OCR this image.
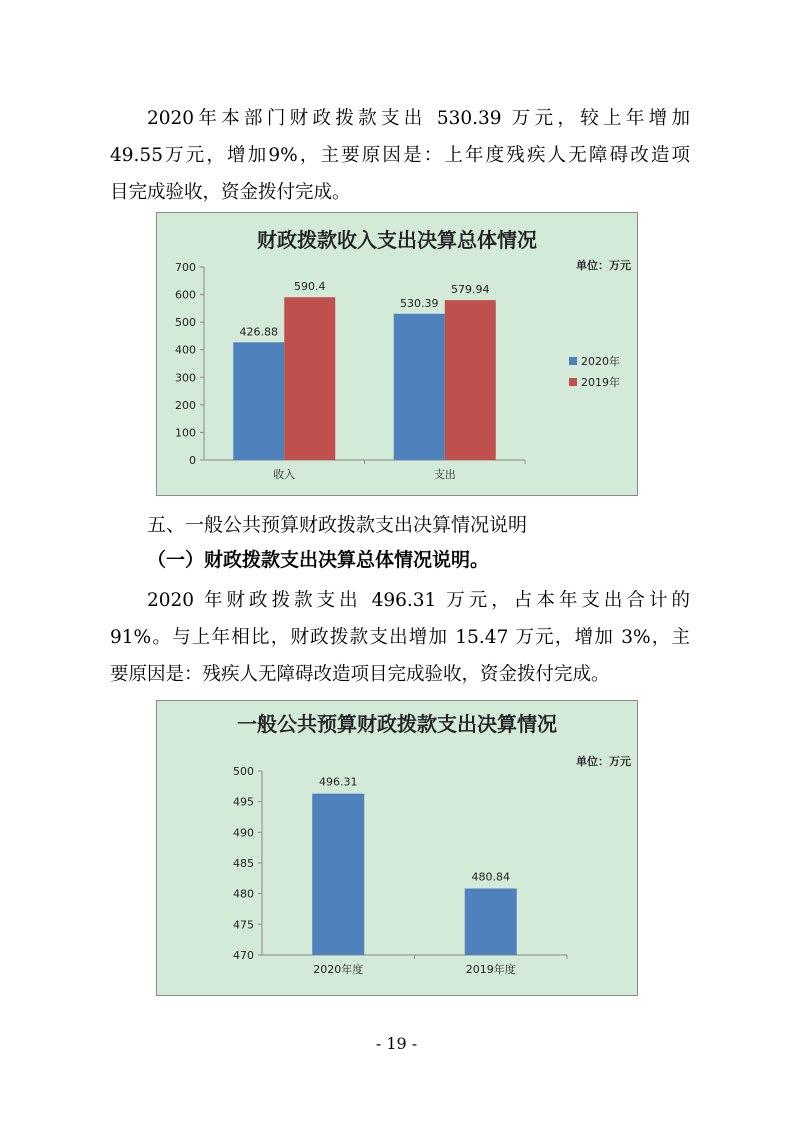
2020年本部门财政拨款支出 530.39 万元，较上年增加
49.55万元，增加9%，主要原因是：上年度残疾人无障碍改造项
目完成验收，资金拨付完成。
财政拨款收入支出决算总体情况
单位：万元
0
100
200
300
400
500
600
700
收入
426.88
590.4
支出
530.39
579.94
2020年
2019年
五、一般公共预算财政拨款支出决算情况说明
（一）财政拨款支出决算总体情况说明。
2020 年财政拨款支出 496.31 万元，占本年支出合计的
91%。与上年相比，财政拨款支出增加 15.47 万元，增加 3%，主
要原因是：残疾人无障碍改造项目完成验收，资金拨付完成。
一般公共预算财政拨款支出决算情况
单位：万元
470
475
480
485
490
495
500
496.31
2020年度
480.84
2019年度
- 19 -
